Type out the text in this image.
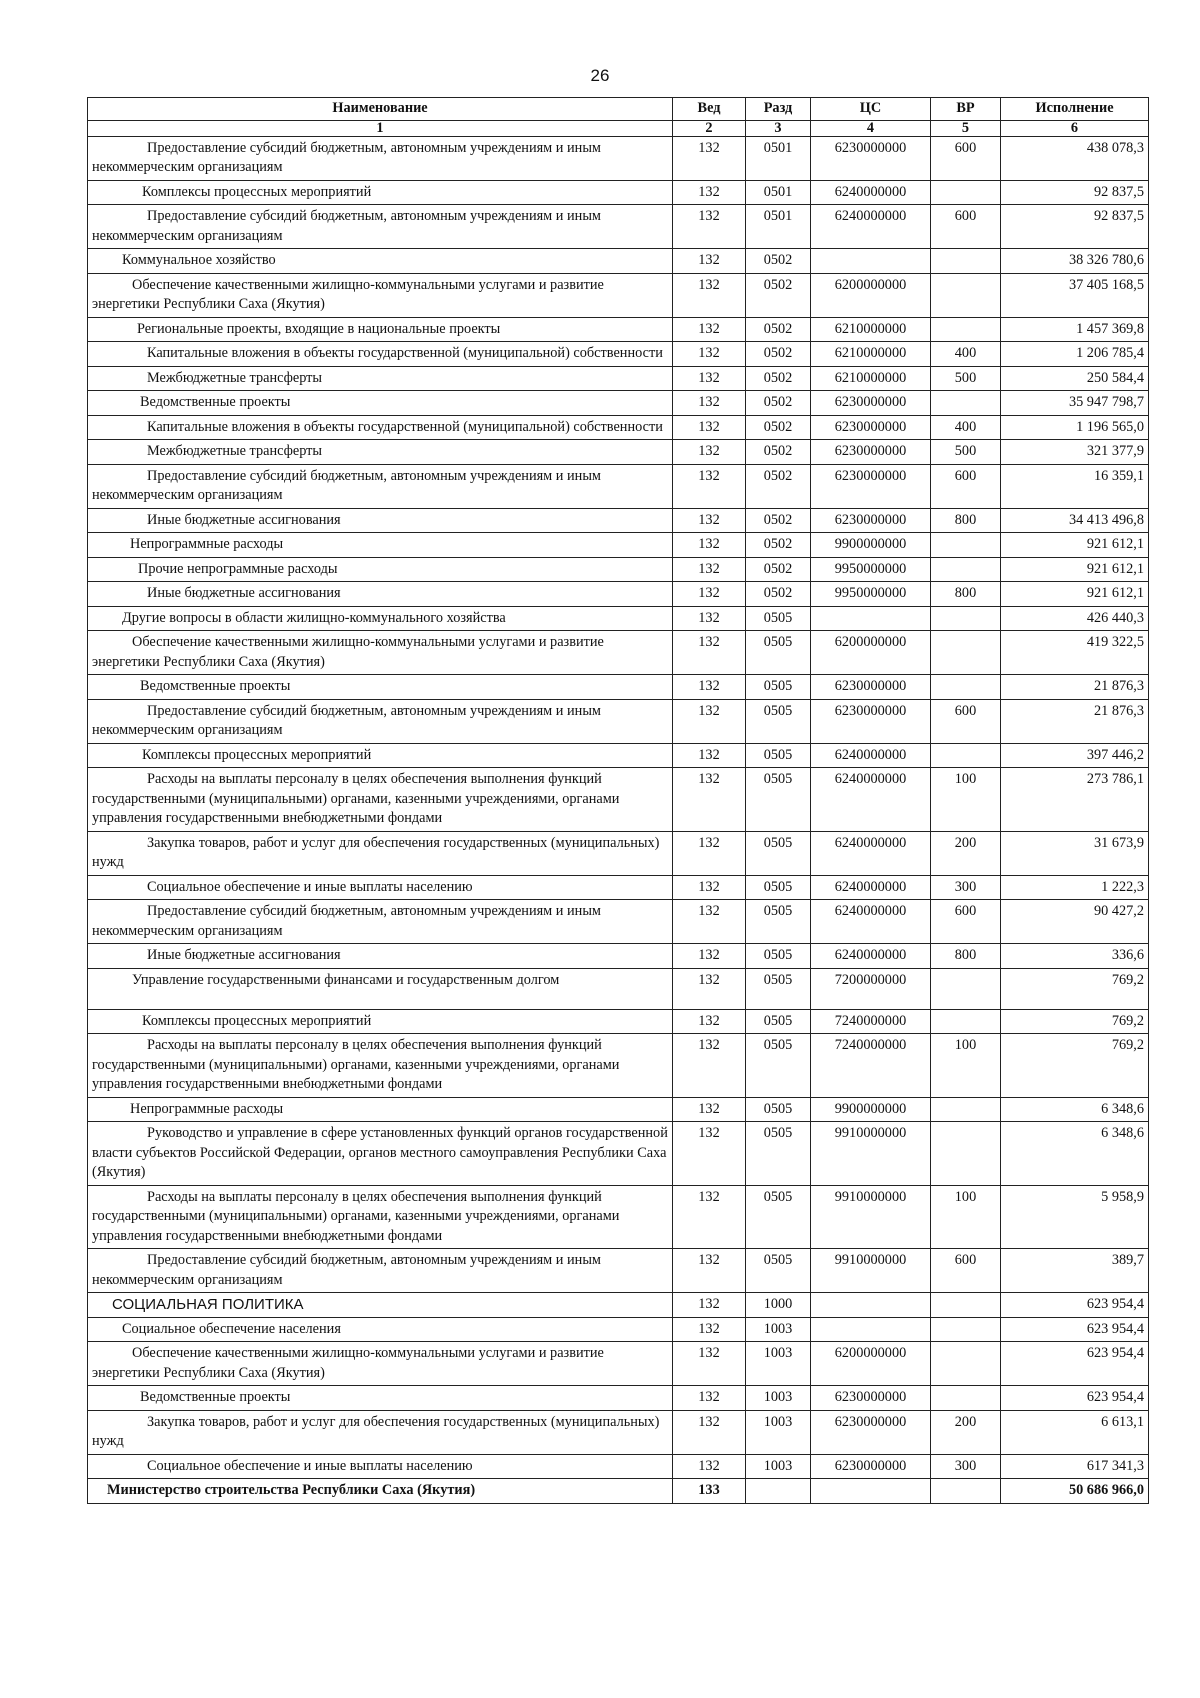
26
Наименование	Вед	Разд	ЦС	ВР	Исполнение
1	2	3	4	5	6
Предоставление субсидий бюджетным, автономным учреждениям и иным некоммерческим организациям	132	0501	6230000000	600	438 078,3
Комплексы процессных мероприятий	132	0501	6240000000		92 837,5
Предоставление субсидий бюджетным, автономным учреждениям и иным некоммерческим организациям	132	0501	6240000000	600	92 837,5
Коммунальное хозяйство	132	0502			38 326 780,6
Обеспечение качественными жилищно-коммунальными услугами и развитие энергетики Республики Саха (Якутия)	132	0502	6200000000		37 405 168,5
Региональные проекты, входящие в национальные проекты	132	0502	6210000000		1 457 369,8
Капитальные вложения в объекты государственной (муниципальной) собственности	132	0502	6210000000	400	1 206 785,4
Межбюджетные трансферты	132	0502	6210000000	500	250 584,4
Ведомственные проекты	132	0502	6230000000		35 947 798,7
Капитальные вложения в объекты государственной (муниципальной) собственности	132	0502	6230000000	400	1 196 565,0
Межбюджетные трансферты	132	0502	6230000000	500	321 377,9
Предоставление субсидий бюджетным, автономным учреждениям и иным некоммерческим организациям	132	0502	6230000000	600	16 359,1
Иные бюджетные ассигнования	132	0502	6230000000	800	34 413 496,8
Непрограммные расходы	132	0502	9900000000		921 612,1
Прочие непрограммные расходы	132	0502	9950000000		921 612,1
Иные бюджетные ассигнования	132	0502	9950000000	800	921 612,1
Другие вопросы в области жилищно-коммунального хозяйства	132	0505			426 440,3
Обеспечение качественными жилищно-коммунальными услугами и развитие энергетики Республики Саха (Якутия)	132	0505	6200000000		419 322,5
Ведомственные проекты	132	0505	6230000000		21 876,3
Предоставление субсидий бюджетным, автономным учреждениям и иным некоммерческим организациям	132	0505	6230000000	600	21 876,3
Комплексы процессных мероприятий	132	0505	6240000000		397 446,2
Расходы на выплаты персоналу в целях обеспечения выполнения функций государственными (муниципальными) органами, казенными учреждениями, органами управления государственными внебюджетными фондами	132	0505	6240000000	100	273 786,1
Закупка товаров, работ и услуг для обеспечения государственных (муниципальных) нужд	132	0505	6240000000	200	31 673,9
Социальное обеспечение и иные выплаты населению	132	0505	6240000000	300	1 222,3
Предоставление субсидий бюджетным, автономным учреждениям и иным некоммерческим организациям	132	0505	6240000000	600	90 427,2
Иные бюджетные ассигнования	132	0505	6240000000	800	336,6
Управление государственными финансами и государственным долгом	132	0505	7200000000		769,2
Комплексы процессных мероприятий	132	0505	7240000000		769,2
Расходы на выплаты персоналу в целях обеспечения выполнения функций государственными (муниципальными) органами, казенными учреждениями, органами управления государственными внебюджетными фондами	132	0505	7240000000	100	769,2
Непрограммные расходы	132	0505	9900000000		6 348,6
Руководство и управление в сфере установленных функций органов государственной власти субъектов Российской Федерации, органов местного самоуправления Республики Саха (Якутия)	132	0505	9910000000		6 348,6
Расходы на выплаты персоналу в целях обеспечения выполнения функций государственными (муниципальными) органами, казенными учреждениями, органами управления государственными внебюджетными фондами	132	0505	9910000000	100	5 958,9
Предоставление субсидий бюджетным, автономным учреждениям и иным некоммерческим организациям	132	0505	9910000000	600	389,7
СОЦИАЛЬНАЯ ПОЛИТИКА	132	1000			623 954,4
Социальное обеспечение населения	132	1003			623 954,4
Обеспечение качественными жилищно-коммунальными услугами и развитие энергетики Республики Саха (Якутия)	132	1003	6200000000		623 954,4
Ведомственные проекты	132	1003	6230000000		623 954,4
Закупка товаров, работ и услуг для обеспечения государственных (муниципальных) нужд	132	1003	6230000000	200	6 613,1
Социальное обеспечение и иные выплаты населению	132	1003	6230000000	300	617 341,3
Министерство строительства Республики Саха (Якутия)	133				50 686 966,0
